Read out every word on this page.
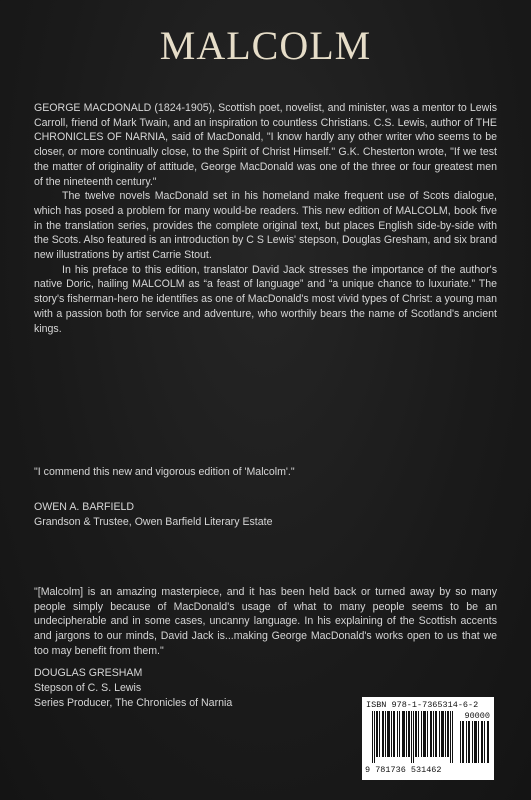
MALCOLM

GEORGE MACDONALD (1824-1905), Scottish poet, novelist, and minister, was a mentor to Lewis Carroll, friend of Mark Twain, and an inspiration to countless Christians. C.S. Lewis, author of THE CHRONICLES OF NARNIA, said of MacDonald, "I know hardly any other writer who seems to be closer, or more continually close, to the Spirit of Christ Himself." G.K. Chesterton wrote, "If we test the matter of originality of attitude, George MacDonald was one of the three or four greatest men of the nineteenth century."

The twelve novels MacDonald set in his homeland make frequent use of Scots dialogue, which has posed a problem for many would-be readers. This new edition of MALCOLM, book five in the translation series, provides the complete original text, but places English side-by-side with the Scots. Also featured is an introduction by C S Lewis' stepson, Douglas Gresham, and six brand new illustrations by artist Carrie Stout.

In his preface to this edition, translator David Jack stresses the importance of the author's native Doric, hailing MALCOLM as “a feast of language” and “a unique chance to luxuriate.” The story's fisherman-hero he identifies as one of MacDonald's most vivid types of Christ: a young man with a passion both for service and adventure, who worthily bears the name of Scotland's ancient kings.

"I commend this new and vigorous edition of 'Malcolm'."
OWEN A. BARFIELD
Grandson & Trustee, Owen Barfield Literary Estate
"[Malcolm] is an amazing masterpiece, and it has been held back or turned away by so many people simply because of MacDonald's usage of what to many people seems to be an undecipherable and in some cases, uncanny language. In his explaining of the Scottish accents and jargons to our minds, David Jack is...making George MacDonald's works open to us that we too may benefit from them."
DOUGLAS GRESHAM
Stepson of C. S. Lewis
Series Producer, The Chronicles of Narnia	ISBN 978-1-7365314-6-2
90000
9 781736 531462
